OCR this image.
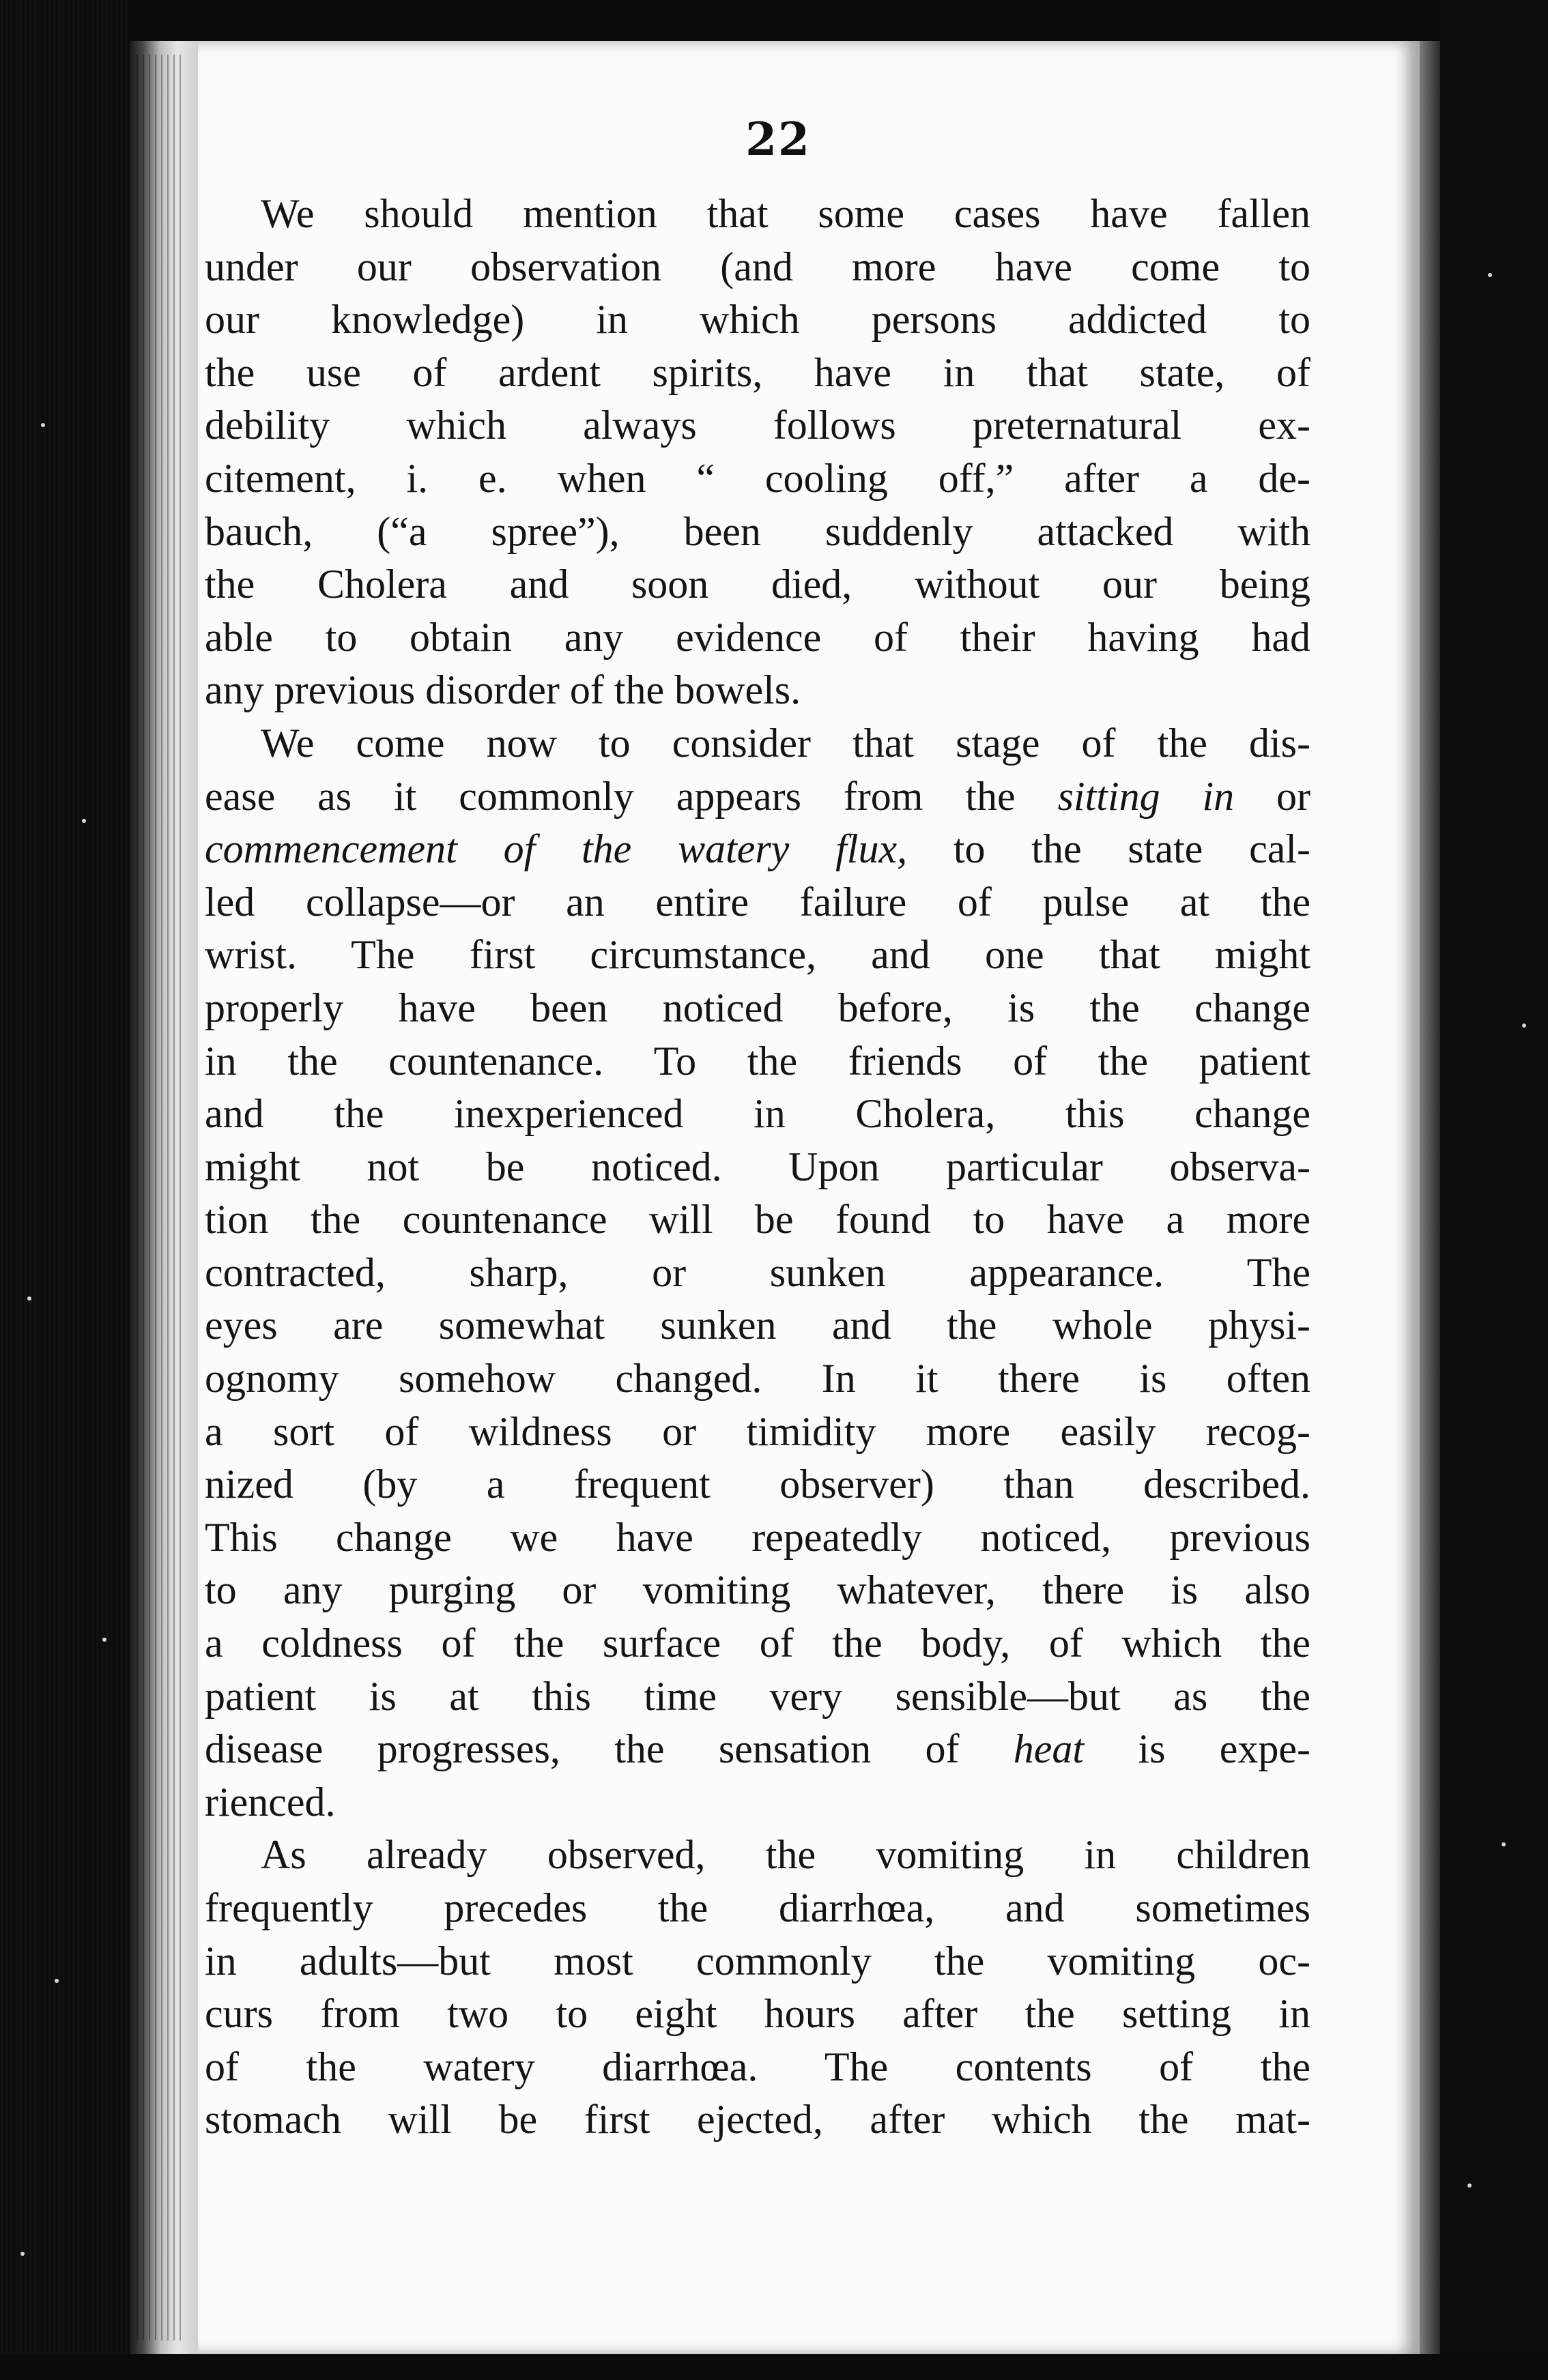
22
We should mention that some cases have fallen
under our observation (and more have come to
our knowledge) in which persons addicted to
the use of ardent spirits, have in that state, of
debility which always follows preternatural ex-
citement, i. e. when “ cooling off,” after a de-
bauch, (“a spree”), been suddenly attacked with
the Cholera and soon died, without our being
able to obtain any evidence of their having had
any previous disorder of the bowels.
We come now to consider that stage of the dis-
ease as it commonly appears from the sitting in or
commencement of the watery flux, to the state cal-
led collapse—or an entire failure of pulse at the
wrist. The first circumstance, and one that might
properly have been noticed before, is the change
in the countenance. To the friends of the patient
and the inexperienced in Cholera, this change
might not be noticed. Upon particular observa-
tion the countenance will be found to have a more
contracted, sharp, or sunken appearance. The
eyes are somewhat sunken and the whole physi-
ognomy somehow changed. In it there is often
a sort of wildness or timidity more easily recog-
nized (by a frequent observer) than described.
This change we have repeatedly noticed, previous
to any purging or vomiting whatever, there is also
a coldness of the surface of the body, of which the
patient is at this time very sensible—but as the
disease progresses, the sensation of heat is expe-
rienced.
As already observed, the vomiting in children
frequently precedes the diarrhœa, and sometimes
in adults—but most commonly the vomiting oc-
curs from two to eight hours after the setting in
of the watery diarrhœa. The contents of the
stomach will be first ejected, after which the mat-
